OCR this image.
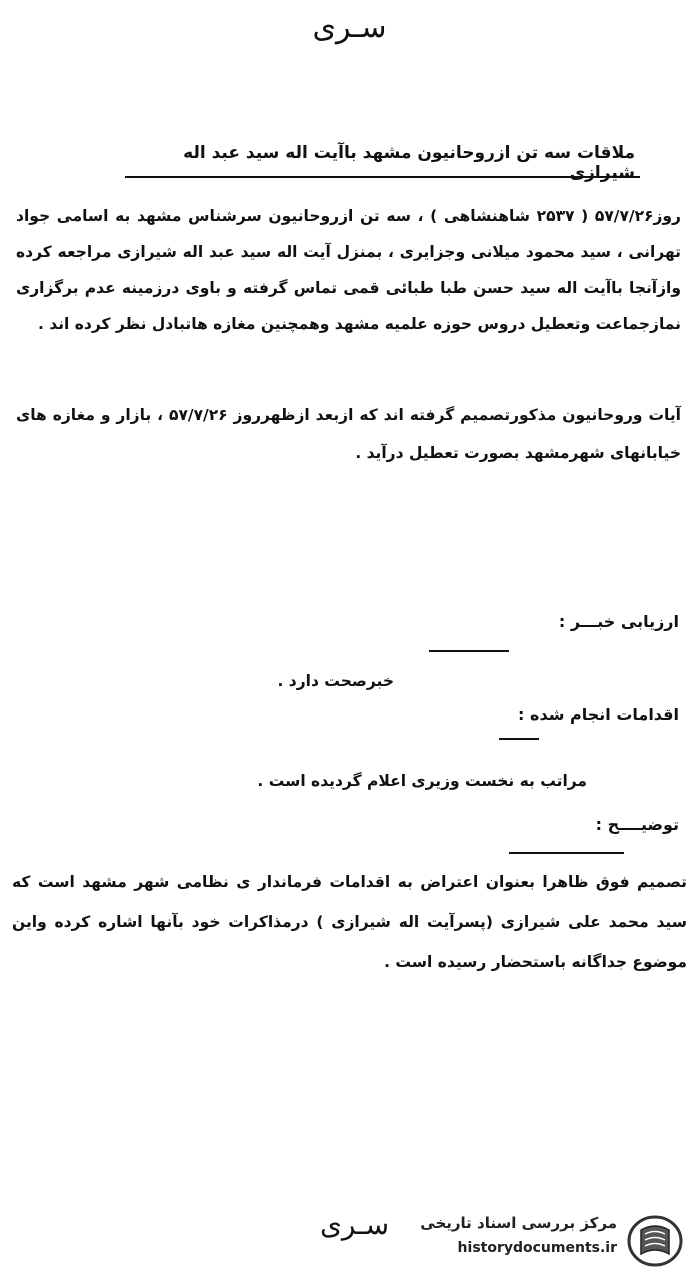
سـرى
ملاقات سه تن ازروحانیون مشهد باآیت اله سید عبد اله شیرازی
روز۵۷/۷/۲۶ ( ۲۵۳۷ شاهنشاهی ) ، سه تن ازروحانیون سرشناس مشهد به اسامی جواد تهرانی ، سید محمود میلانی وجزایری ، بمنزل آیت اله سید عبد اله شیرازی مراجعه کرده وازآنجا باآیت اله سید حسن طبا طبائی قمی تماس گرفته و باوی درزمینه عدم برگزاری نمازجماعت وتعطیل دروس حوزه علمیه مشهد وهمچنین مغازه هاتبادل نظر کرده اند .
آیات وروحانیون مذکورتصمیم گرفته اند که ازبعد ازظهرروز ۵۷/۷/۲۶ ، بازار و مغازه های خیابانهای شهرمشهد بصورت تعطیل درآید .
ارزیابی خبـــر :
خبرصحت دارد .
اقدامات انجام شده :
مراتب به نخست وزیری اعلام گردیده است .
توضیــــح :
تصمیم فوق ظاهرا بعنوان اعتراض به اقدامات فرماندار ی نظامی شهر مشهد است که سید محمد علی شیرازی (پسرآیت اله شیرازی ) درمذاکرات خود بآنها اشاره کرده واین موضوع جداگانه باستحضار رسیده است .
سـرى مرکز بررسی اسناد تاریخی
historydocuments.ir
